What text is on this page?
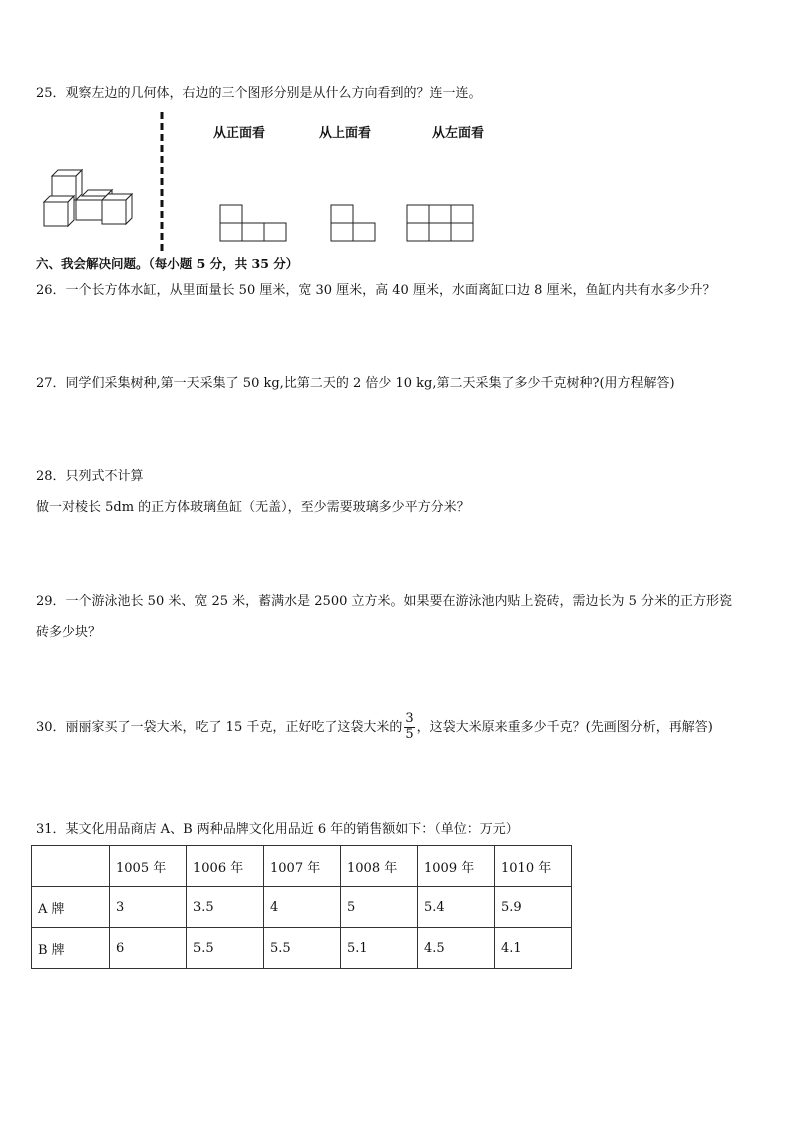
25．观察左边的几何体，右边的三个图形分别是从什么方向看到的？连一连。
从正面看	从上面看	从左面看
六、我会解决问题。（每小题 5 分，共 35 分）
26．一个长方体水缸，从里面量长 50 厘米，宽 30 厘米，高 40 厘米，水面离缸口边 8 厘米，鱼缸内共有水多少升？
27．同学们采集树种,第一天采集了 50 kg,比第二天的 2 倍少 10 kg,第二天采集了多少千克树种?(用方程解答)
28．只列式不计算
做一对棱长 5dm 的正方体玻璃鱼缸（无盖），至少需要玻璃多少平方分米？
29．一个游泳池长 50 米、宽 25 米，蓄满水是 2500 立方米。如果要在游泳池内贴上瓷砖，需边长为 5 分米的正方形瓷
砖多少块？
30．丽丽家买了一袋大米，吃了 15 千克，正好吃了这袋大米的 $\frac{3}{5}$ ，这袋大米原来重多少千克？(先画图分析，再解答)
31．某文化用品商店 A、B 两种品牌文化用品近 6 年的销售额如下：（单位：万元）
	1005 年	1006 年	1007 年	1008 年	1009 年	1010 年
A 牌	3	3.5	4	5	5.4	5.9
B 牌	6	5.5	5.5	5.1	4.5	4.1
